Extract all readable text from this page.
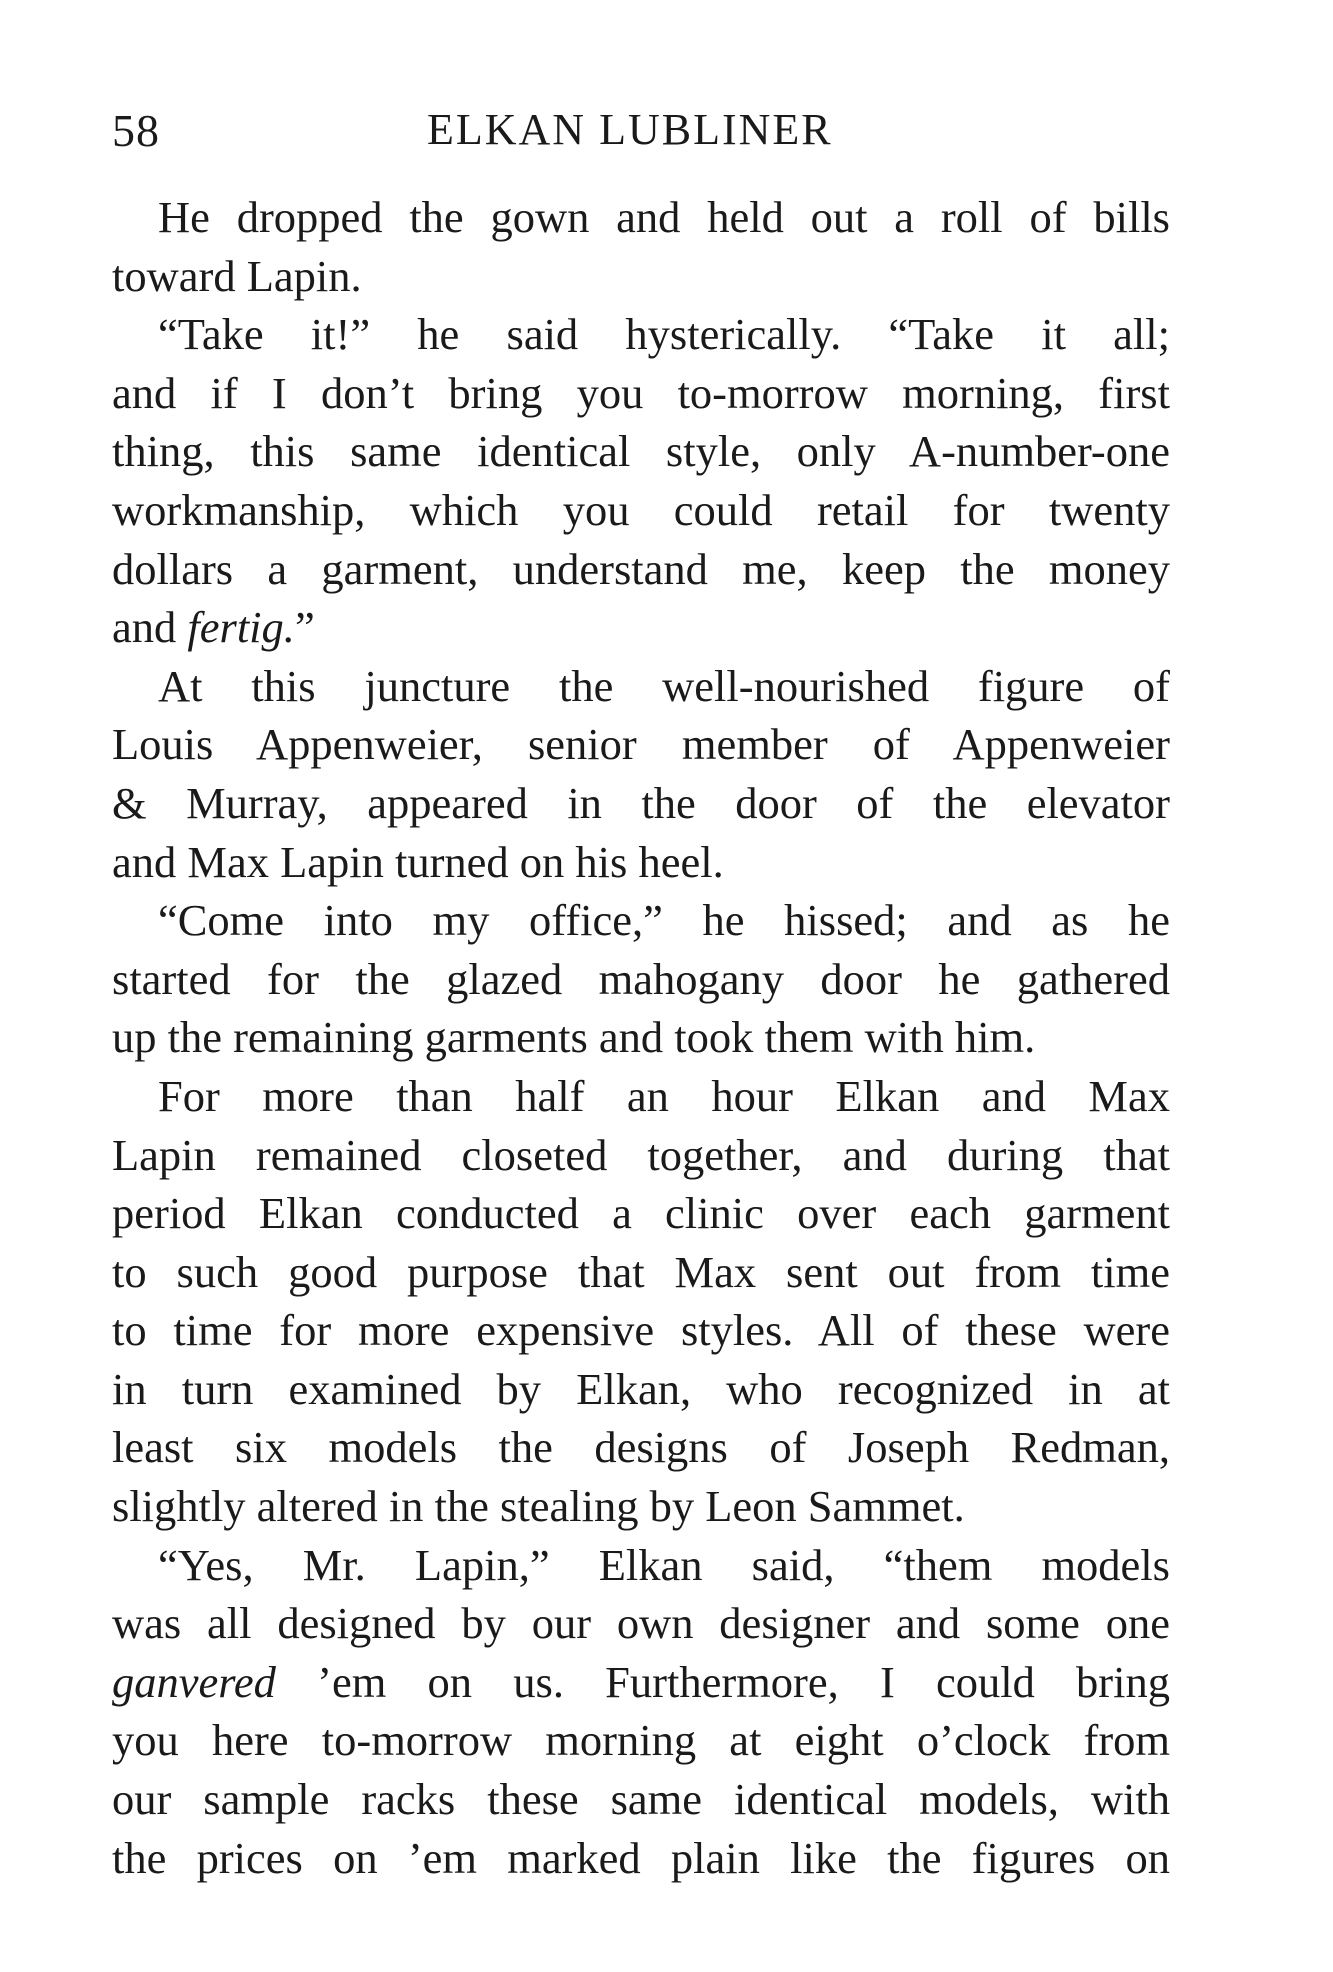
58	ELKAN LUBLINER

He dropped the gown and held out a roll of bills
toward Lapin.

“Take it!” he said hysterically. “Take it all;
and if I don’t bring you to-morrow morning, first
thing, this same identical style, only A-number-one
workmanship, which you could retail for twenty
dollars a garment, understand me, keep the money
and fertig.”

At this juncture the well-nourished figure of
Louis Appenweier, senior member of Appenweier
& Murray, appeared in the door of the elevator
and Max Lapin turned on his heel.

“Come into my office,” he hissed; and as he
started for the glazed mahogany door he gathered
up the remaining garments and took them with him.

For more than half an hour Elkan and Max
Lapin remained closeted together, and during that
period Elkan conducted a clinic over each garment
to such good purpose that Max sent out from time
to time for more expensive styles. All of these were
in turn examined by Elkan, who recognized in at
least six models the designs of Joseph Redman,
slightly altered in the stealing by Leon Sammet.

“Yes, Mr. Lapin,” Elkan said, “them models
was all designed by our own designer and some one
ganvered ’em on us. Furthermore, I could bring
you here to-morrow morning at eight o’clock from
our sample racks these same identical models, with
the prices on ’em marked plain like the figures on
